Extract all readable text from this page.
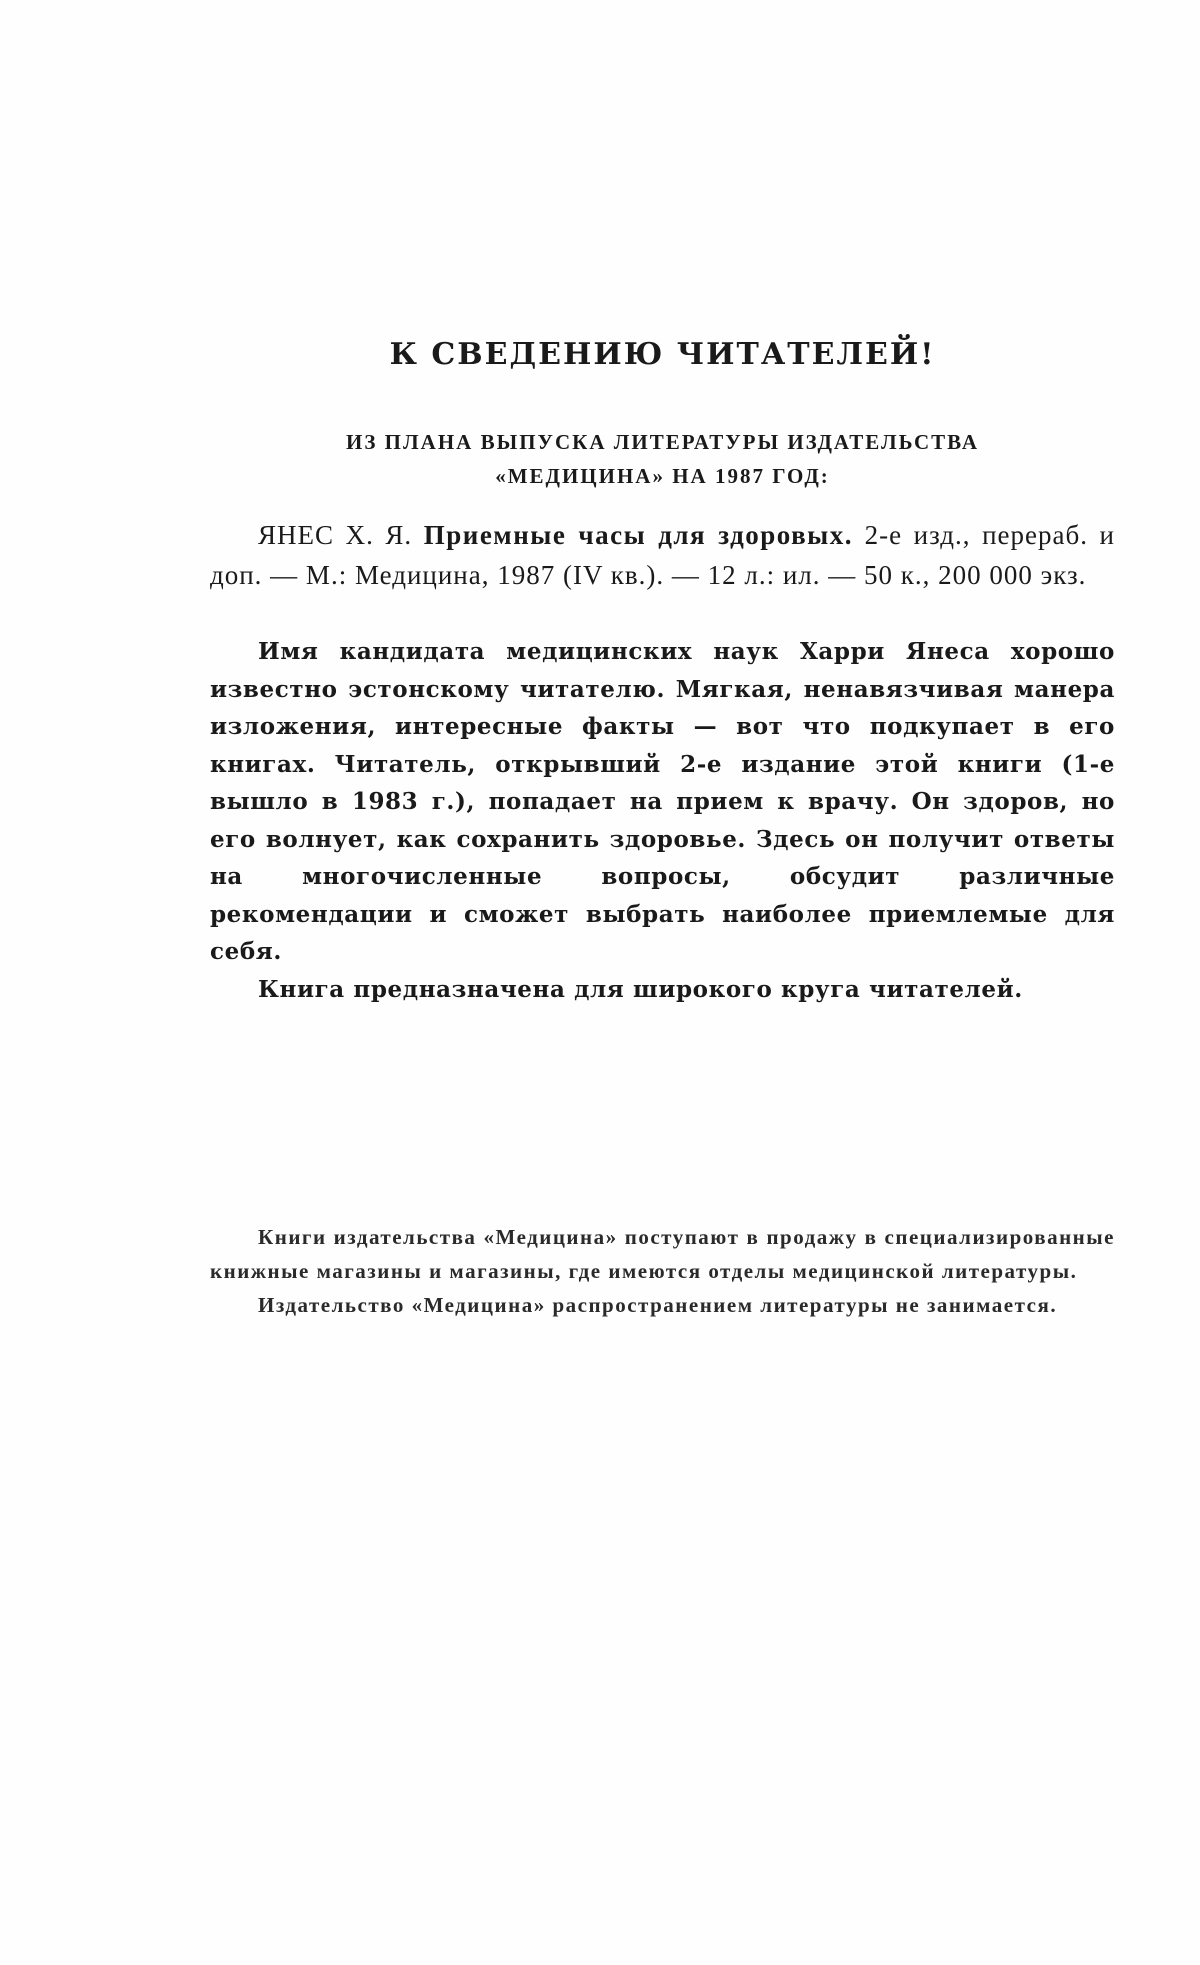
К СВЕДЕНИЮ ЧИТАТЕЛЕЙ!
ИЗ ПЛАНА ВЫПУСКА ЛИТЕРАТУРЫ ИЗДАТЕЛЬСТВА
«МЕДИЦИНА» НА 1987 ГОД:
ЯНЕС Х. Я. Приемные часы для здоровых. 2-е изд., перераб. и доп. — М.: Медицина, 1987 (IV кв.). — 12 л.: ил. — 50 к., 200 000 экз.

Имя кандидата медицинских наук Харри Янеса хорошо известно эстонскому читателю. Мягкая, ненавязчивая манера изложения, интересные факты — вот что подкупает в его книгах. Читатель, открывший 2-е издание этой книги (1-е вышло в 1983 г.), попадает на прием к врачу. Он здоров, но его волнует, как сохранить здоровье. Здесь он получит ответы на многочисленные вопросы, обсудит различные рекомендации и сможет выбрать наиболее приемлемые для себя.

Книга предназначена для широкого круга читателей.

Книги издательства «Медицина» поступают в продажу в специализированные книжные магазины и магазины, где имеются отделы медицинской литературы.

Издательство «Медицина» распространением литературы не занимается.
